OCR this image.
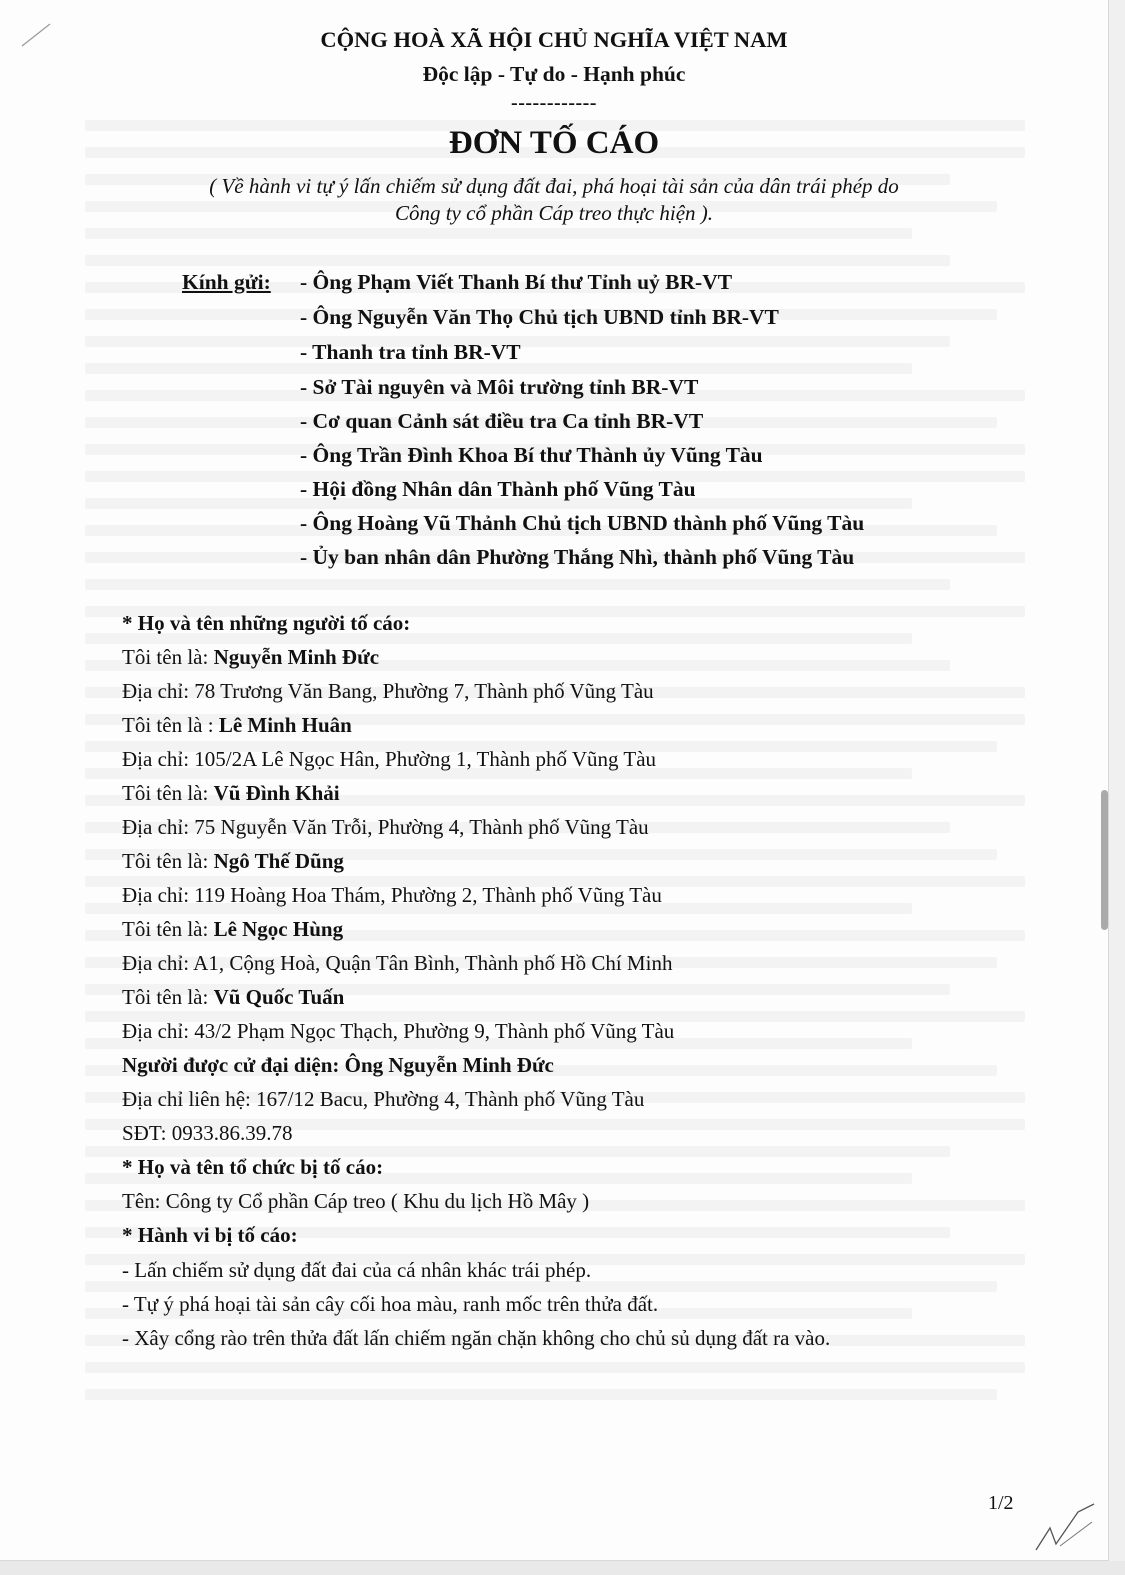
CỘNG HOÀ XÃ HỘI CHỦ NGHĨA VIỆT NAM
Độc lập - Tự do - Hạnh phúc
------------
ĐƠN TỐ CÁO
( Về hành vi tự ý lấn chiếm sử dụng đất đai, phá hoại tài sản của dân trái phép do
Công ty cổ phần Cáp treo thực hiện ).
Kính gửi: - Ông Phạm Viết Thanh Bí thư Tỉnh uỷ BR-VT
- Ông Nguyễn Văn Thọ Chủ tịch UBND tỉnh BR-VT
- Thanh tra tỉnh BR-VT
- Sở Tài nguyên và Môi trường tỉnh BR-VT
- Cơ quan Cảnh sát điều tra Ca tỉnh BR-VT
- Ông Trần Đình Khoa Bí thư Thành ủy Vũng Tàu
- Hội đồng Nhân dân Thành phố Vũng Tàu
- Ông Hoàng Vũ Thảnh Chủ tịch UBND thành phố Vũng Tàu
- Ủy ban nhân dân Phường Thắng Nhì, thành phố Vũng Tàu
* Họ và tên những người tố cáo:
Tôi tên là: Nguyễn Minh Đức
Địa chỉ: 78 Trương Văn Bang, Phường 7, Thành phố Vũng Tàu
Tôi tên là : Lê Minh Huân
Địa chỉ: 105/2A Lê Ngọc Hân, Phường 1, Thành phố Vũng Tàu
Tôi tên là: Vũ Đình Khải
Địa chỉ: 75 Nguyễn Văn Trỗi, Phường 4, Thành phố Vũng Tàu
Tôi tên là: Ngô Thế Dũng
Địa chỉ: 119 Hoàng Hoa Thám, Phường 2, Thành phố Vũng Tàu
Tôi tên là: Lê Ngọc Hùng
Địa chỉ: A1, Cộng Hoà, Quận Tân Bình, Thành phố Hồ Chí Minh
Tôi tên là: Vũ Quốc Tuấn
Địa chỉ: 43/2 Phạm Ngọc Thạch, Phường 9, Thành phố Vũng Tàu
Người được cử đại diện: Ông Nguyễn Minh Đức
Địa chỉ liên hệ: 167/12 Bacu, Phường 4, Thành phố Vũng Tàu
SĐT: 0933.86.39.78
* Họ và tên tổ chức bị tố cáo:
Tên: Công ty Cổ phần Cáp treo ( Khu du lịch Hồ Mây )
* Hành vi bị tố cáo:
- Lấn chiếm sử dụng đất đai của cá nhân khác trái phép.
- Tự ý phá hoại tài sản cây cối hoa màu, ranh mốc trên thửa đất.
- Xây cổng rào trên thửa đất lấn chiếm ngăn chặn không cho chủ sủ dụng đất ra vào.
1/2
